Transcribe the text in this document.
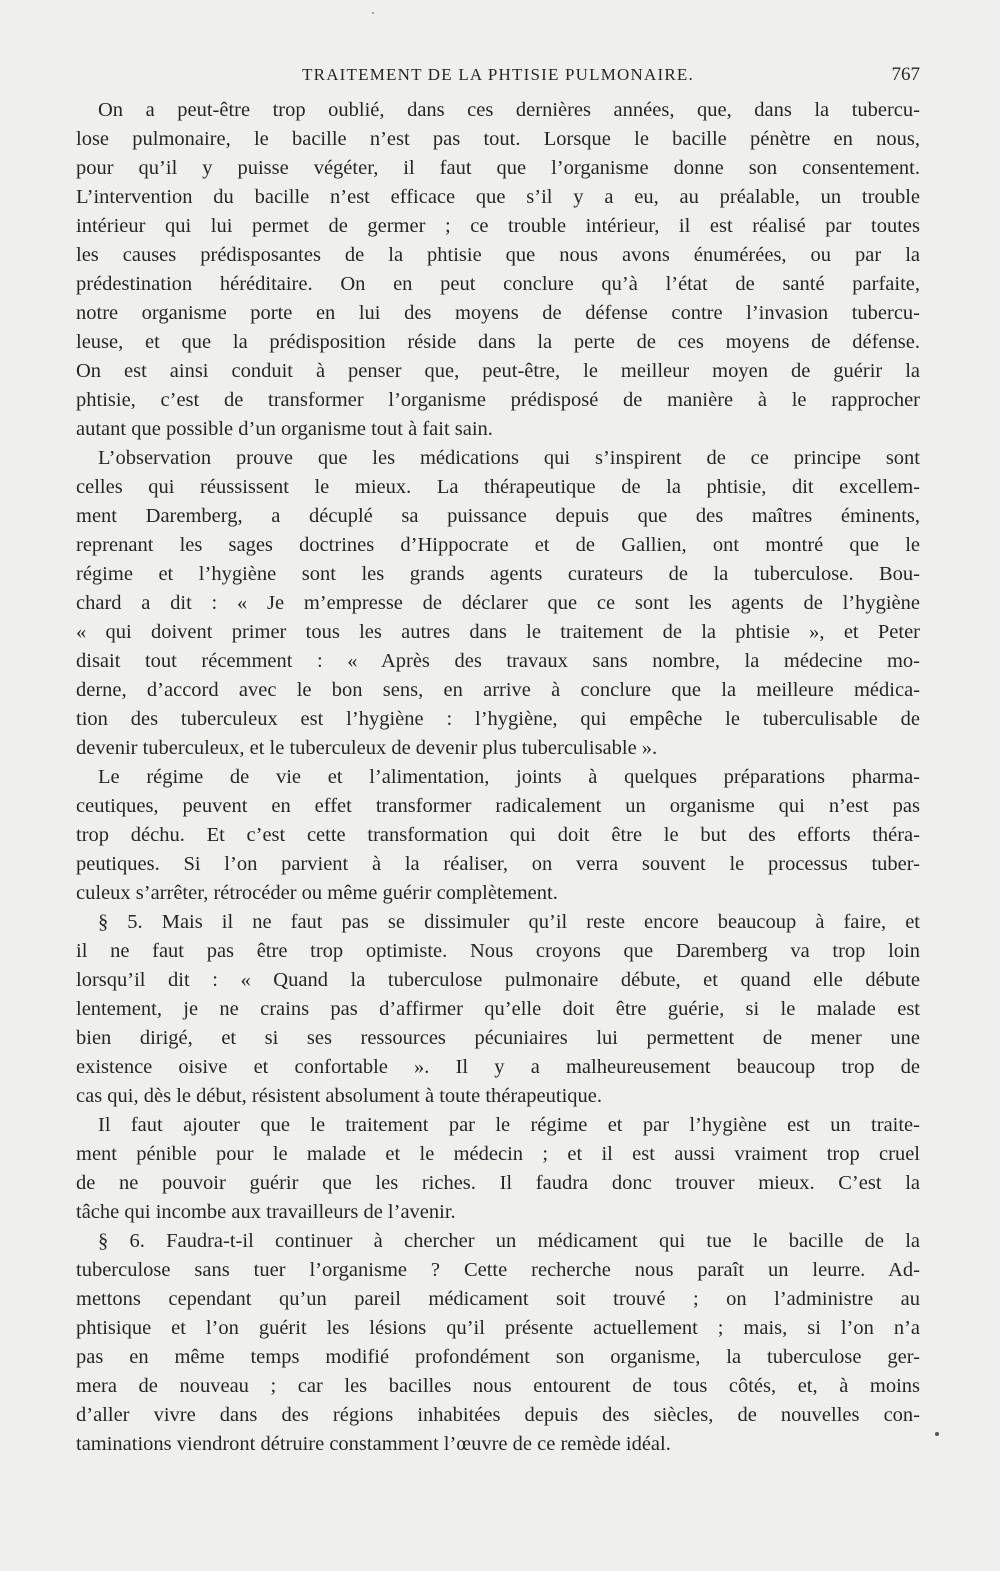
TRAITEMENT DE LA PHTISIE PULMONAIRE.	767
On a peut-être trop oublié, dans ces dernières années, que, dans la tubercu-
lose pulmonaire, le bacille n’est pas tout. Lorsque le bacille pénètre en nous,
pour qu’il y puisse végéter, il faut que l’organisme donne son consentement.
L’intervention du bacille n’est efficace que s’il y a eu, au préalable, un trouble
intérieur qui lui permet de germer ; ce trouble intérieur, il est réalisé par toutes
les causes prédisposantes de la phtisie que nous avons énumérées, ou par la
prédestination héréditaire. On en peut conclure qu’à l’état de santé parfaite,
notre organisme porte en lui des moyens de défense contre l’invasion tubercu-
leuse, et que la prédisposition réside dans la perte de ces moyens de défense.
On est ainsi conduit à penser que, peut-être, le meilleur moyen de guérir la
phtisie, c’est de transformer l’organisme prédisposé de manière à le rapprocher
autant que possible d’un organisme tout à fait sain.
L’observation prouve que les médications qui s’inspirent de ce principe sont
celles qui réussissent le mieux. La thérapeutique de la phtisie, dit excellem-
ment Daremberg, a décuplé sa puissance depuis que des maîtres éminents,
reprenant les sages doctrines d’Hippocrate et de Gallien, ont montré que le
régime et l’hygiène sont les grands agents curateurs de la tuberculose. Bou-
chard a dit : « Je m’empresse de déclarer que ce sont les agents de l’hygiène
« qui doivent primer tous les autres dans le traitement de la phtisie », et Peter
disait tout récemment : « Après des travaux sans nombre, la médecine mo-
derne, d’accord avec le bon sens, en arrive à conclure que la meilleure médica-
tion des tuberculeux est l’hygiène : l’hygiène, qui empêche le tuberculisable de
devenir tuberculeux, et le tuberculeux de devenir plus tuberculisable ».
Le régime de vie et l’alimentation, joints à quelques préparations pharma-
ceutiques, peuvent en effet transformer radicalement un organisme qui n’est pas
trop déchu. Et c’est cette transformation qui doit être le but des efforts théra-
peutiques. Si l’on parvient à la réaliser, on verra souvent le processus tuber-
culeux s’arrêter, rétrocéder ou même guérir complètement.
§ 5. Mais il ne faut pas se dissimuler qu’il reste encore beaucoup à faire, et
il ne faut pas être trop optimiste. Nous croyons que Daremberg va trop loin
lorsqu’il dit : « Quand la tuberculose pulmonaire débute, et quand elle débute
lentement, je ne crains pas d’affirmer qu’elle doit être guérie, si le malade est
bien dirigé, et si ses ressources pécuniaires lui permettent de mener une
existence oisive et confortable ». Il y a malheureusement beaucoup trop de
cas qui, dès le début, résistent absolument à toute thérapeutique.
Il faut ajouter que le traitement par le régime et par l’hygiène est un traite-
ment pénible pour le malade et le médecin ; et il est aussi vraiment trop cruel
de ne pouvoir guérir que les riches. Il faudra donc trouver mieux. C’est la
tâche qui incombe aux travailleurs de l’avenir.
§ 6. Faudra-t-il continuer à chercher un médicament qui tue le bacille de la
tuberculose sans tuer l’organisme ? Cette recherche nous paraît un leurre. Ad-
mettons cependant qu’un pareil médicament soit trouvé ; on l’administre au
phtisique et l’on guérit les lésions qu’il présente actuellement ; mais, si l’on n’a
pas en même temps modifié profondément son organisme, la tuberculose ger-
mera de nouveau ; car les bacilles nous entourent de tous côtés, et, à moins
d’aller vivre dans des régions inhabitées depuis des siècles, de nouvelles con-
taminations viendront détruire constamment l’œuvre de ce remède idéal.
